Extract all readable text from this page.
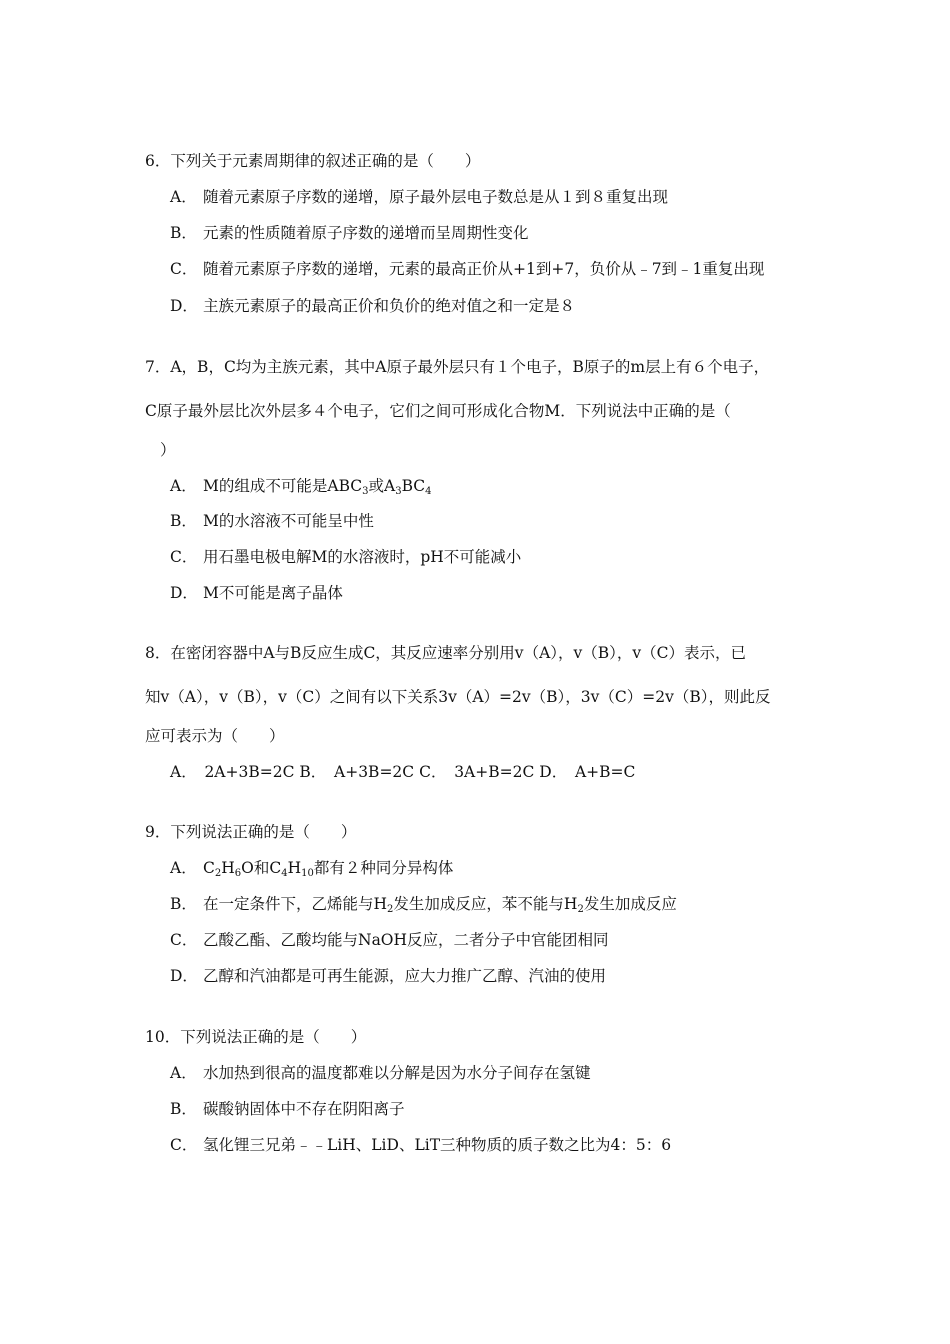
6．下列关于元素周期律的叙述正确的是（　　）
A． 随着元素原子序数的递增，原子最外层电子数总是从１到８重复出现
B． 元素的性质随着原子序数的递增而呈周期性变化
C． 随着元素原子序数的递增，元素的最高正价从+1到+7，负价从﹣7到﹣1重复出现
D． 主族元素原子的最高正价和负价的绝对值之和一定是８
7．A，B，C均为主族元素，其中A原子最外层只有１个电子，B原子的m层上有６个电子，
C原子最外层比次外层多４个电子，它们之间可形成化合物M．下列说法中正确的是（
）
A． M的组成不可能是$ABC_3$或$A_3BC_4$
B． M的水溶液不可能呈中性
C． 用石墨电极电解M的水溶液时，pH不可能减小
D． M不可能是离子晶体
8．在密闭容器中A与B反应生成C，其反应速率分别用v（A），v（B），v（C）表示，已
知v（A），v（B），v（C）之间有以下关系3v（A）=2v（B），3v（C）=2v（B），则此反
应可表示为（　　）
A．　2A+3B=2C B．　A+3B=2C C．　3A+B=2C D．　A+B=C
9．下列说法正确的是（　　）
A． $C_2H_6O$和$C_4H_{10}$都有２种同分异构体
B． 在一定条件下，乙烯能与$H_2$发生加成反应，苯不能与$H_2$发生加成反应
C． 乙酸乙酯、乙酸均能与NaOH反应，二者分子中官能团相同
D． 乙醇和汽油都是可再生能源，应大力推广乙醇、汽油的使用
10．下列说法正确的是（　　）
A． 水加热到很高的温度都难以分解是因为水分子间存在氢键
B． 碳酸钠固体中不存在阴阳离子
C． 氢化锂三兄弟﹣﹣LiH、LiD、LiT三种物质的质子数之比为4：5：6
